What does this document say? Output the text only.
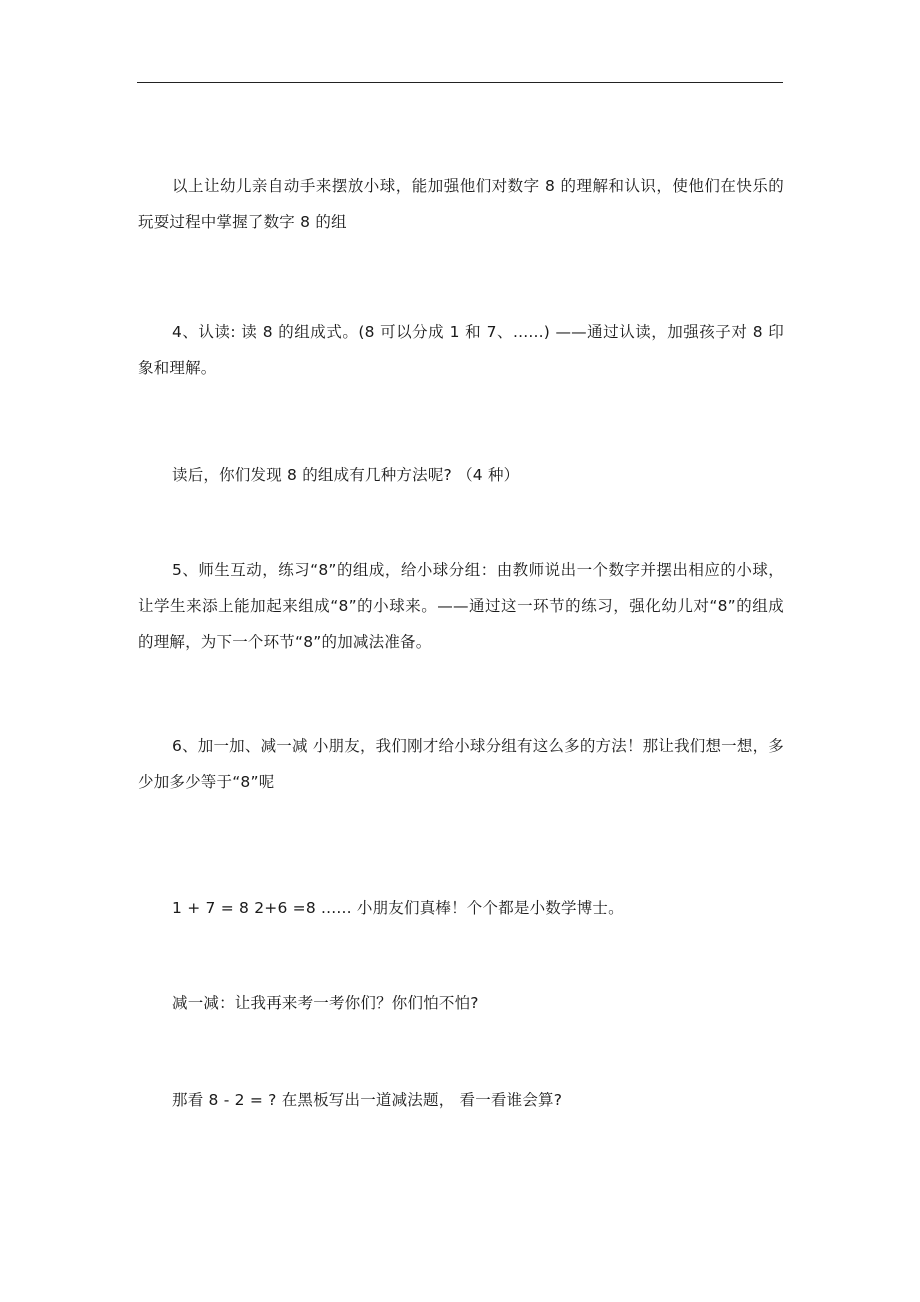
以上让幼儿亲自动手来摆放小球，能加强他们对数字 8 的理解和认识，使他们在快乐的玩耍过程中掌握了数字 8 的组

4、认读: 读 8 的组成式。(8 可以分成 1 和 7、......) ——通过认读，加强孩子对 8 印象和理解。

读后，你们发现 8 的组成有几种方法呢? （4 种）

5、师生互动，练习“8”的组成，给小球分组：由教师说出一个数字并摆出相应的小球，让学生来添上能加起来组成“8”的小球来。——通过这一环节的练习，强化幼儿对“8”的组成的理解，为下一个环节“8”的加减法准备。

6、加一加、减一减 小朋友，我们刚才给小球分组有这么多的方法！那让我们想一想，多少加多少等于“8”呢

1 + 7 = 8 2+6 =8 ...... 小朋友们真棒！个个都是小数学博士。

减一减：让我再来考一考你们？你们怕不怕?

那看 8 - 2 = ? 在黑板写出一道减法题， 看一看谁会算?
